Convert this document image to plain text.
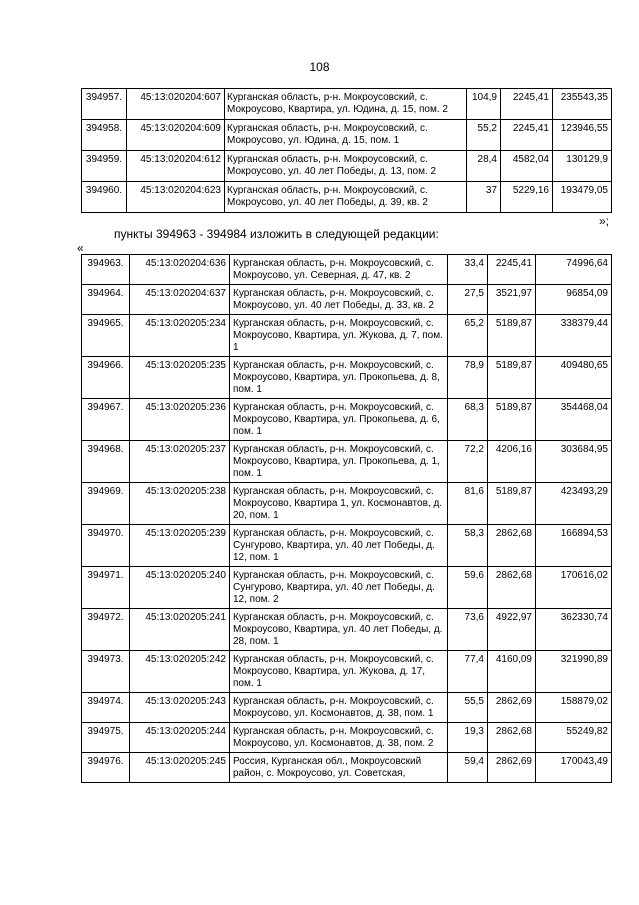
108
394957.	45:13:020204:607	Курганская область, р-н. Мокроусовский, с. Мокроусово, Квартира, ул. Юдина, д. 15, пом. 2	104,9	2245,41	235543,35
394958.	45:13:020204:609	Курганская область, р-н. Мокроусовский, с. Мокроусово, ул. Юдина, д. 15, пом. 1	55,2	2245,41	123946,55
394959.	45:13:020204:612	Курганская область, р-н. Мокроусовский, с. Мокроусово, ул. 40 лет Победы, д. 13, пом. 2	28,4	4582,04	130129,9
394960.	45:13:020204:623	Курганская область, р-н. Мокроусовский, с. Мокроусово, ул. 40 лет Победы, д. 39, кв. 2	37	5229,16	193479,05
»;
пункты 394963 - 394984 изложить в следующей редакции:
«
394963.	45:13:020204:636	Курганская область, р-н. Мокроусовский, с. Мокроусово, ул. Северная, д. 47, кв. 2	33,4	2245,41	74996,64
394964.	45:13:020204:637	Курганская область, р-н. Мокроусовский, с. Мокроусово, ул. 40 лет Победы, д. 33, кв. 2	27,5	3521,97	96854,09
394965.	45:13:020205:234	Курганская область, р-н. Мокроусовский, с. Мокроусово, Квартира, ул. Жукова, д. 7, пом. 1	65,2	5189,87	338379,44
394966.	45:13:020205:235	Курганская область, р-н. Мокроусовский, с. Мокроусово, Квартира, ул. Прокопьева, д. 8, пом. 1	78,9	5189,87	409480,65
394967.	45:13:020205:236	Курганская область, р-н. Мокроусовский, с. Мокроусово, Квартира, ул. Прокопьева, д. 6, пом. 1	68,3	5189,87	354468,04
394968.	45:13:020205:237	Курганская область, р-н. Мокроусовский, с. Мокроусово, Квартира, ул. Прокопьева, д. 1, пом. 1	72,2	4206,16	303684,95
394969.	45:13:020205:238	Курганская область, р-н. Мокроусовский, с. Мокроусово, Квартира 1, ул. Космонавтов, д. 20, пом. 1	81,6	5189,87	423493,29
394970.	45:13:020205:239	Курганская область, р-н. Мокроусовский, с. Сунгурово, Квартира, ул. 40 лет Победы, д. 12, пом. 1	58,3	2862,68	166894,53
394971.	45:13:020205:240	Курганская область, р-н. Мокроусовский, с. Сунгурово, Квартира, ул. 40 лет Победы, д. 12, пом. 2	59,6	2862,68	170616,02
394972.	45:13:020205:241	Курганская область, р-н. Мокроусовский, с. Мокроусово, Квартира, ул. 40 лет Победы, д. 28, пом. 1	73,6	4922,97	362330,74
394973.	45:13:020205:242	Курганская область, р-н. Мокроусовский, с. Мокроусово, Квартира, ул. Жукова, д. 17, пом. 1	77,4	4160,09	321990,89
394974.	45:13:020205:243	Курганская область, р-н. Мокроусовский, с. Мокроусово, ул. Космонавтов, д. 38, пом. 1	55,5	2862,69	158879,02
394975.	45:13:020205:244	Курганская область, р-н. Мокроусовский, с. Мокроусово, ул. Космонавтов, д. 38, пом. 2	19,3	2862,68	55249,82
394976.	45:13:020205:245	Россия, Курганская обл., Мокроусовский район, с. Мокроусово, ул. Советская,	59,4	2862,69	170043,49
